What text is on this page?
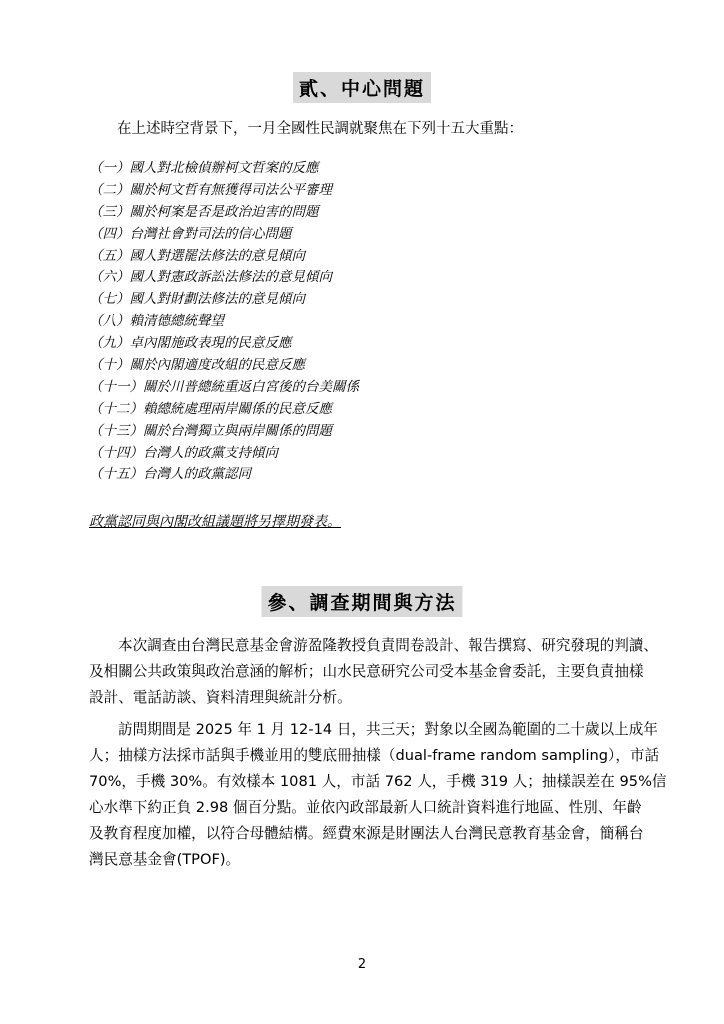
貳、中心問題
在上述時空背景下，一月全國性民調就聚焦在下列十五大重點：
（一）國人對北檢偵辦柯文哲案的反應
（二）關於柯文哲有無獲得司法公平審理
（三）關於柯案是否是政治迫害的問題
（四）台灣社會對司法的信心問題
（五）國人對選罷法修法的意見傾向
（六）國人對憲政訴訟法修法的意見傾向
（七）國人對財劃法修法的意見傾向
（八）賴清德總統聲望
（九）卓內閣施政表現的民意反應
（十）關於內閣適度改組的民意反應
（十一）關於川普總統重返白宮後的台美關係
（十二）賴總統處理兩岸關係的民意反應
（十三）關於台灣獨立與兩岸關係的問題
（十四）台灣人的政黨支持傾向
（十五）台灣人的政黨認同
政黨認同與內閣改組議題將另擇期發表。
參、調查期間與方法
本次調查由台灣民意基金會游盈隆教授負責問卷設計、報告撰寫、研究發現的判讀、
及相關公共政策與政治意涵的解析；山水民意研究公司受本基金會委託，主要負責抽樣
設計、電話訪談、資料清理與統計分析。
訪問期間是 2025 年 1 月 12-14 日，共三天；對象以全國為範圍的二十歲以上成年
人；抽樣方法採市話與手機並用的雙底冊抽樣（dual-frame random sampling），市話
70%，手機 30%。有效樣本 1081 人，市話 762 人，手機 319 人；抽樣誤差在 95%信
心水準下約正負 2.98 個百分點。並依內政部最新人口統計資料進行地區、性別、年齡
及教育程度加權，以符合母體結構。經費來源是財團法人台灣民意教育基金會，簡稱台
灣民意基金會(TPOF)。
2
